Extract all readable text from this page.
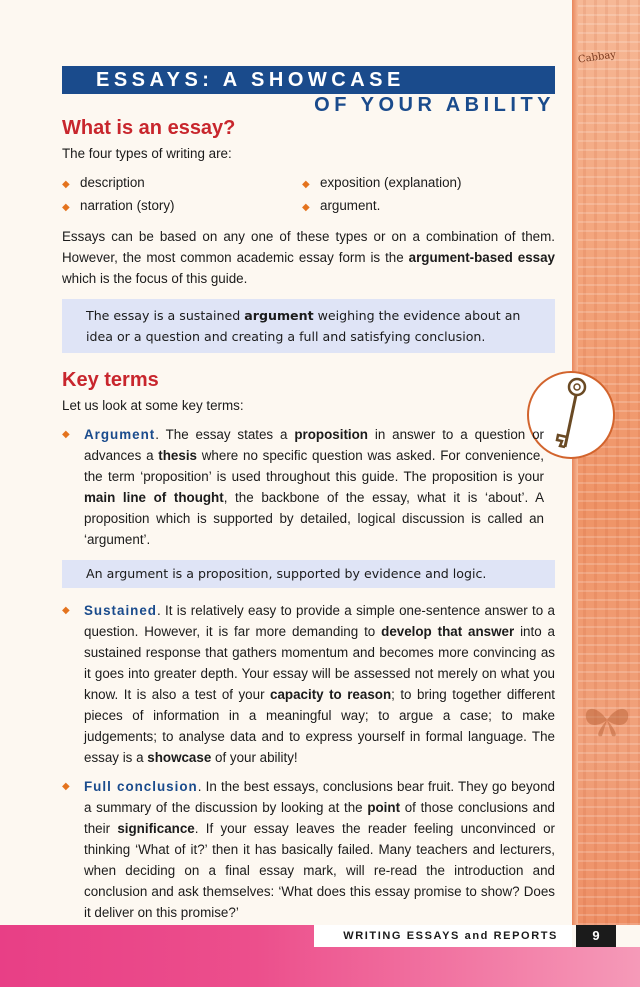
Cabbay
ESSAYS: A SHOWCASE
OF YOUR ABILITY
What is an essay?

The four types of writing are:

◆ description	◆ exposition (explanation)
◆ narration (story)	◆ argument.

Essays can be based on any one of these types or on a combination of them. However, the most common academic essay form is the argument-based essay which is the focus of this guide.

The essay is a sustained argument weighing the evidence about an idea or a question and creating a full and satisfying conclusion.
Key terms

Let us look at some key terms:

◆	Argument. The essay states a proposition in answer to a question or advances a thesis where no specific question was asked. For convenience, the term ‘proposition’ is used throughout this guide. The proposition is your main line of thought, the backbone of the essay, what it is ‘about’. A proposition which is supported by detailed, logical discussion is called an ‘argument’.

An argument is a proposition, supported by evidence and logic.
◆	Sustained. It is relatively easy to provide a simple one-sentence answer to a question. However, it is far more demanding to develop that answer into a sustained response that gathers momentum and becomes more convincing as it goes into greater depth. Your essay will be assessed not merely on what you know. It is also a test of your capacity to reason; to bring together different pieces of information in a meaningful way; to argue a case; to make judgements; to analyse data and to express yourself in formal language. The essay is a showcase of your ability!

◆	Full conclusion. In the best essays, conclusions bear fruit. They go beyond a summary of the discussion by looking at the point of those conclusions and their significance. If your essay leaves the reader feeling unconvinced or thinking ‘What of it?’ then it has basically failed. Many teachers and lecturers, when deciding on a final essay mark, will re-read the introduction and conclusion and ask themselves: ‘What does this essay promise to show? Does it deliver on this promise?’

WRITING ESSAYS and REPORTS	9
